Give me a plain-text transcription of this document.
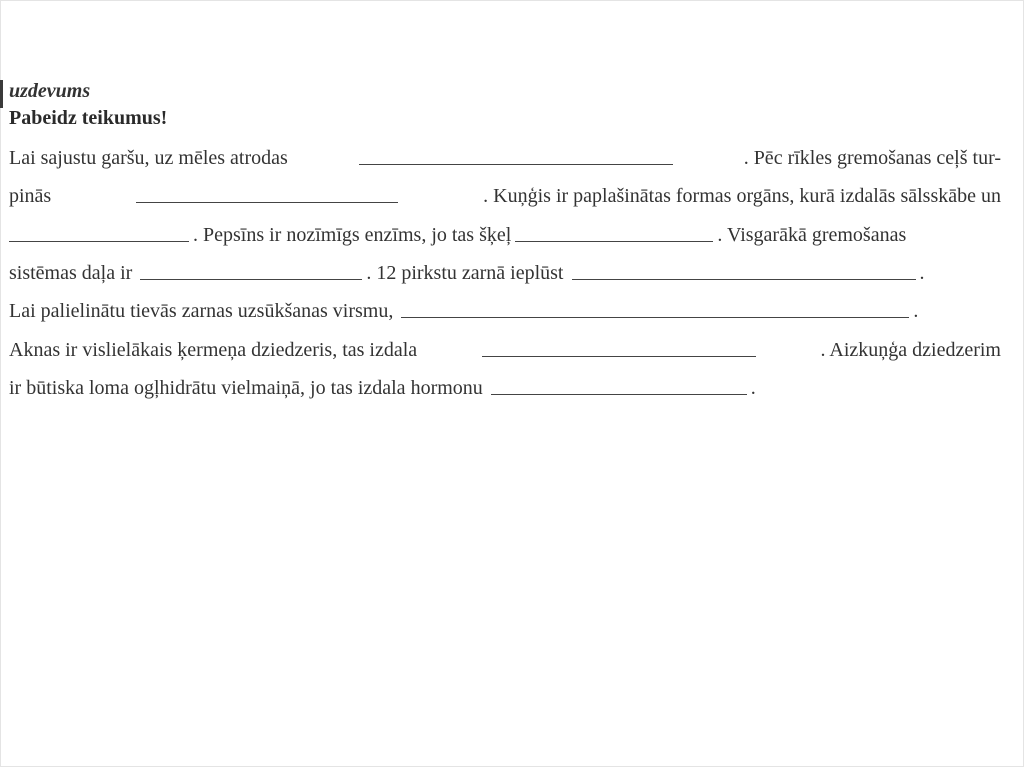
uzdevums

Pabeidz teikumus!

Lai sajustu garšu, uz mēles atrodas	. Pēc rīkles gremošanas ceļš tur-
pinās	. Kuņģis ir paplašinātas formas orgāns, kurā izdalās sālsskābe un
. Pepsīns ir nozīmīgs enzīms, jo tas šķeļ	. Visgarākā gremošanas
sistēmas daļa ir	. 12 pirkstu zarnā ieplūst	.
Lai palielinātu tievās zarnas uzsūkšanas virsmu,	.
Aknas ir vislielākais ķermeņa dziedzeris, tas izdala	. Aizkuņģa dziedzerim
ir būtiska loma ogļhidrātu vielmaiņā, jo tas izdala hormonu	.
